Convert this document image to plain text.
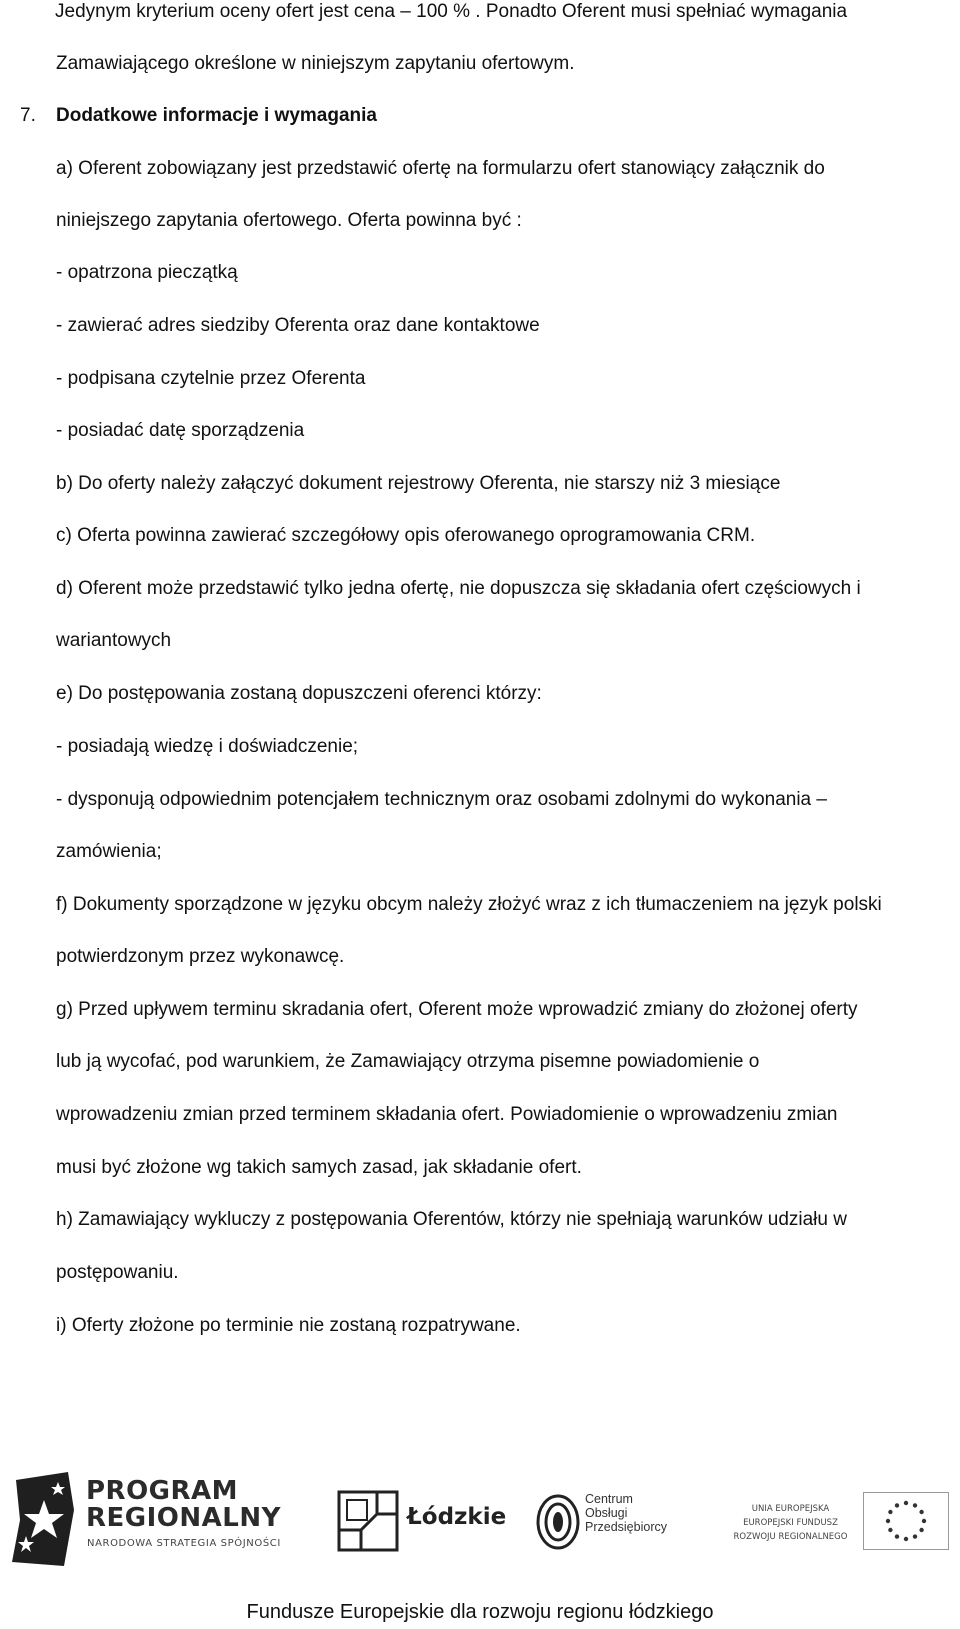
Jedynym kryterium oceny ofert jest cena – 100 % . Ponadto Oferent musi spełniać wymagania
Zamawiającego określone w niniejszym zapytaniu ofertowym.
7. Dodatkowe informacje i wymagania
a) Oferent zobowiązany jest przedstawić ofertę na formularzu ofert stanowiący załącznik do
niniejszego zapytania ofertowego. Oferta powinna być :
- opatrzona pieczątką
- zawierać adres siedziby Oferenta oraz dane kontaktowe
- podpisana czytelnie przez Oferenta
- posiadać datę sporządzenia
b) Do oferty należy załączyć dokument rejestrowy Oferenta, nie starszy niż 3 miesiące
c) Oferta powinna zawierać szczegółowy opis oferowanego oprogramowania CRM.
d) Oferent może przedstawić tylko jedna ofertę, nie dopuszcza się składania ofert częściowych i
wariantowych
e) Do postępowania zostaną dopuszczeni oferenci którzy:
- posiadają wiedzę i doświadczenie;
- dysponują odpowiednim potencjałem technicznym oraz osobami zdolnymi do wykonania –
zamówienia;
f) Dokumenty sporządzone w języku obcym należy złożyć wraz z ich tłumaczeniem na język polski
potwierdzonym przez wykonawcę.
g) Przed upływem terminu skradania ofert, Oferent może wprowadzić zmiany do złożonej oferty
lub ją wycofać, pod warunkiem, że Zamawiający otrzyma pisemne powiadomienie o
wprowadzeniu zmian przed terminem składania ofert. Powiadomienie o wprowadzeniu zmian
musi być złożone wg takich samych zasad, jak składanie ofert.
h) Zamawiający wykluczy z postępowania Oferentów, którzy nie spełniają warunków udziału w
postępowaniu.
i) Oferty złożone po terminie nie zostaną rozpatrywane.
PROGRAM
REGIONALNY
NARODOWA STRATEGIA SPÓJNOŚCI
Łódzkie
Centrum
Obsługi
Przedsiębiorcy
UNIA EUROPEJSKA
EUROPEJSKI FUNDUSZ
ROZWOJU REGIONALNEGO
Fundusze Europejskie dla rozwoju regionu łódzkiego
